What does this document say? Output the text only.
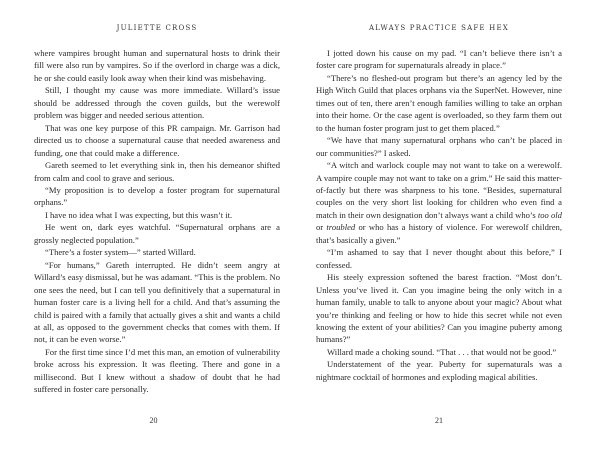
JULIETTE CROSS

where vampires brought human and supernatural hosts to drink their fill were also run by vampires. So if the overlord in charge was a dick, he or she could easily look away when their kind was misbehaving.

Still, I thought my cause was more immediate. Willard’s issue should be addressed through the coven guilds, but the werewolf problem was bigger and needed serious attention.

That was one key purpose of this PR campaign. Mr. Garrison had directed us to choose a supernatural cause that needed awareness and funding, one that could make a difference.

Gareth seemed to let everything sink in, then his demeanor shifted from calm and cool to grave and serious.

“My proposition is to develop a foster program for supernatural orphans.”

I have no idea what I was expecting, but this wasn’t it.

He went on, dark eyes watchful. “Supernatural orphans are a grossly neglected population.”

“There’s a foster system—” started Willard.

“For humans,” Gareth interrupted. He didn’t seem angry at Willard’s easy dismissal, but he was adamant. “This is the problem. No one sees the need, but I can tell you definitively that a supernatural in human foster care is a living hell for a child. And that’s assuming the child is paired with a family that actually gives a shit and wants a child at all, as opposed to the government checks that comes with them. If not, it can be even worse.”

For the first time since I’d met this man, an emotion of vulnerability broke across his expression. It was fleeting. There and gone in a millisecond. But I knew without a shadow of doubt that he had suffered in foster care personally.

20
ALWAYS PRACTICE SAFE HEX

I jotted down his cause on my pad. “I can’t believe there isn’t a foster care program for supernaturals already in place.”

“There’s no fleshed-out program but there’s an agency led by the High Witch Guild that places orphans via the SuperNet. However, nine times out of ten, there aren’t enough families willing to take an orphan into their home. Or the case agent is overloaded, so they farm them out to the human foster program just to get them placed.”

“We have that many supernatural orphans who can’t be placed in our communities?” I asked.

“A witch and warlock couple may not want to take on a werewolf. A vampire couple may not want to take on a grim.” He said this matter-of-factly but there was sharpness to his tone. “Besides, supernatural couples on the very short list looking for children who even find a match in their own designation don’t always want a child who’s too old or troubled or who has a history of violence. For werewolf children, that’s basically a given.”

“I’m ashamed to say that I never thought about this before,” I confessed.

His steely expression softened the barest fraction. “Most don’t. Unless you’ve lived it. Can you imagine being the only witch in a human family, unable to talk to anyone about your magic? About what you’re thinking and feeling or how to hide this secret while not even knowing the extent of your abilities? Can you imagine puberty among humans?”

Willard made a choking sound. “That . . . that would not be good.”

Understatement of the year. Puberty for supernaturals was a nightmare cocktail of hormones and exploding magical abilities.

21
